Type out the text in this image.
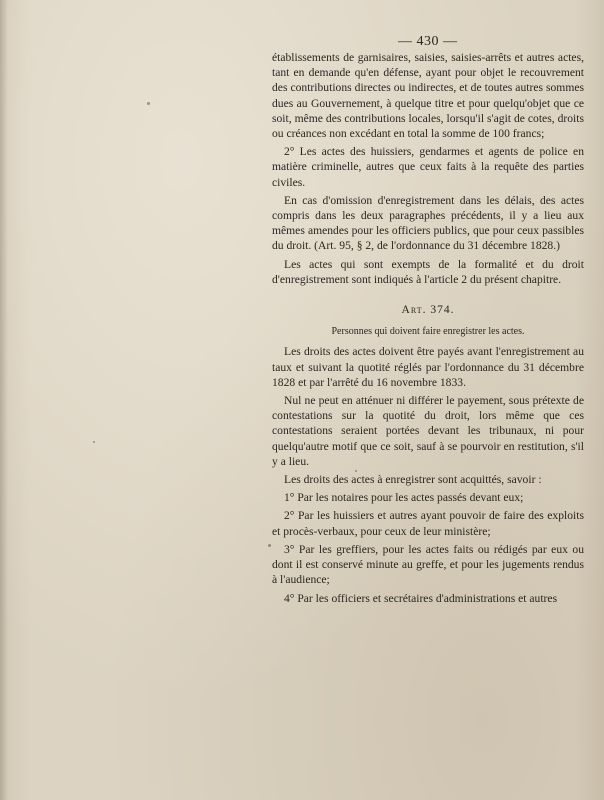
— 430 —

établissements de garnisaires, saisies, saisies-arrêts et autres actes, tant en demande qu'en défense, ayant pour objet le recouvrement des contributions directes ou indirectes, et de toutes autres sommes dues au Gouvernement, à quelque titre et pour quelqu'objet que ce soit, même des contributions locales, lorsqu'il s'agit de cotes, droits ou créances non excédant en total la somme de 100 francs;

2° Les actes des huissiers, gendarmes et agents de police en matière criminelle, autres que ceux faits à la requête des parties civiles.

En cas d'omission d'enregistrement dans les délais, des actes compris dans les deux paragraphes précédents, il y a lieu aux mêmes amendes pour les officiers publics, que pour ceux passibles du droit. (Art. 95, § 2, de l'ordonnance du 31 décembre 1828.)

Les actes qui sont exempts de la formalité et du droit d'enregistrement sont indiqués à l'article 2 du présent chapitre.

Art. 374.
Personnes qui doivent faire enregistrer les actes.

Les droits des actes doivent être payés avant l'enregistrement au taux et suivant la quotité réglés par l'ordonnance du 31 décembre 1828 et par l'arrêté du 16 novembre 1833.

Nul ne peut en atténuer ni différer le payement, sous prétexte de contestations sur la quotité du droit, lors même que ces contestations seraient portées devant les tribunaux, ni pour quelqu'autre motif que ce soit, sauf à se pourvoir en restitution, s'il y a lieu.

Les droits des actes à enregistrer sont acquittés, savoir :

1° Par les notaires pour les actes passés devant eux;

2° Par les huissiers et autres ayant pouvoir de faire des exploits et procès-verbaux, pour ceux de leur ministère;

3° Par les greffiers, pour les actes faits ou rédigés par eux ou dont il est conservé minute au greffe, et pour les jugements rendus à l'audience;

4° Par les officiers et secrétaires d'administrations et autres
